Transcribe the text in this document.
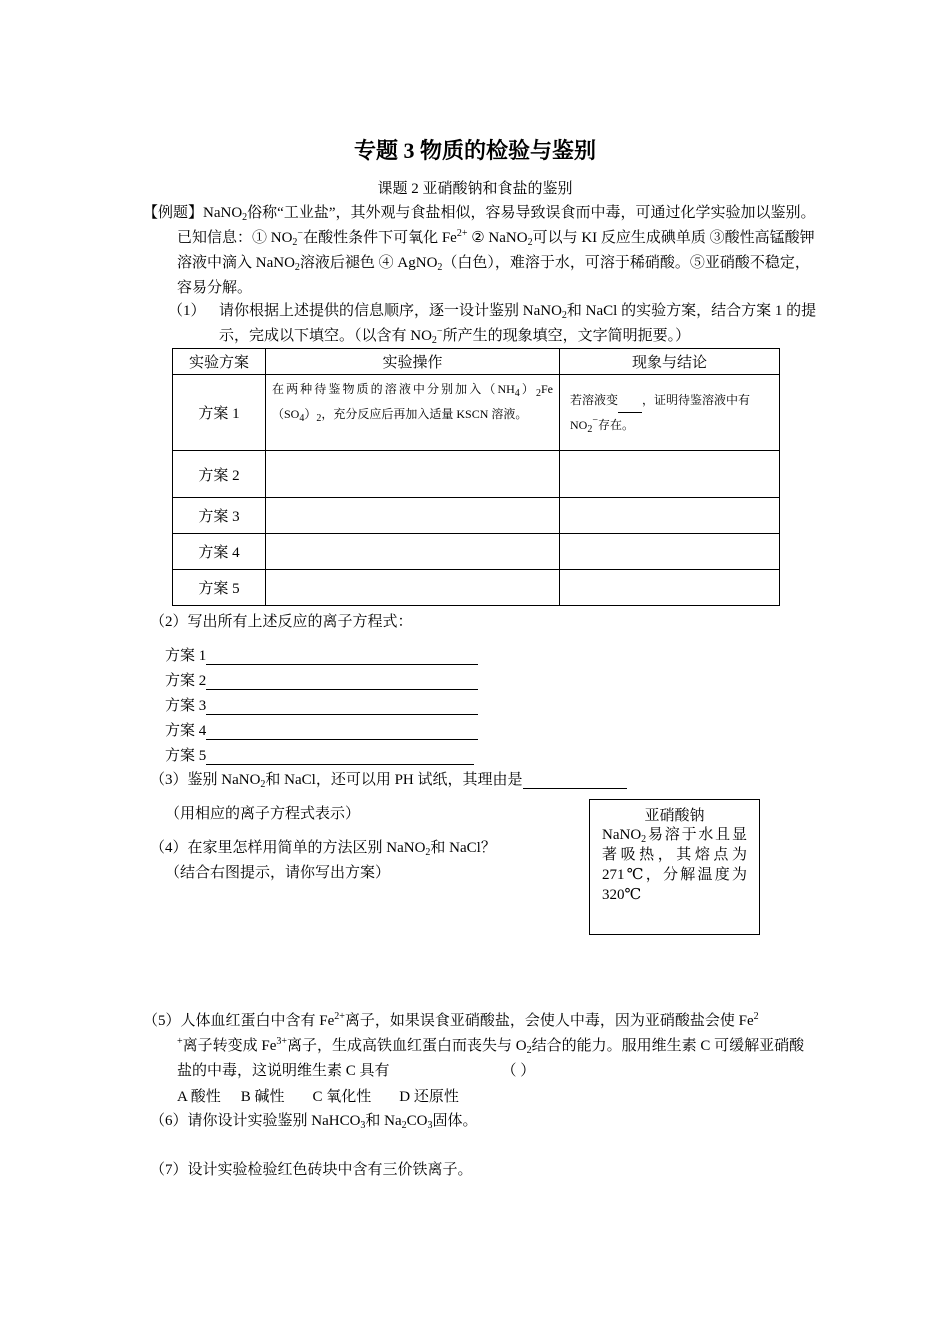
专题 3 物质的检验与鉴别
课题 2 亚硝酸钠和食盐的鉴别
【例题】NaNO$_2$俗称“工业盐”，其外观与食盐相似，容易导致误食而中毒，可通过化学实验加以鉴别。已知信息：① $NO_2^-$在酸性条件下可氧化 $Fe^{2+}$ ② NaNO$_2$可以与 KI 反应生成碘单质 ③酸性高锰酸钾溶液中滴入 NaNO$_2$溶液后褪色 ④ AgNO$_2$（白色），难溶于水，可溶于稀硝酸。⑤亚硝酸不稳定，容易分解。
（1） 请你根据上述提供的信息顺序，逐一设计鉴别 NaNO$_2$和 NaCl 的实验方案，结合方案 1 的提示，完成以下填空。（以含有 $NO_2^-$所产生的现象填空，文字简明扼要。）
实验方案	实验操作	现象与结论
方案 1	在两种待鉴物质的溶液中分别加入$(NH_4)_2Fe(SO_4)_2$，充分反应后再加入适量 KSCN 溶液。	若溶液变 ，证明待鉴溶液中有 $NO_2^-$存在。
方案 2		
方案 3		
方案 4		
方案 5		
（2）写出所有上述反应的离子方程式：
方案 1
方案 2
方案 3
方案 4
方案 5
（3）鉴别 NaNO$_2$和 NaCl，还可以用 PH 试纸，其理由是
（用相应的离子方程式表示）
（4）在家里怎样用简单的方法区别 NaNO$_2$和 NaCl？
（结合右图提示，请你写出方案）
亚硝酸钠
NaNO$_2$易溶于水且显著吸热，其熔点为 271℃，分解温度为 320℃
（5）人体血红蛋白中含有 $Fe^{2+}$离子，如果误食亚硝酸盐，会使人中毒，因为亚硝酸盐会使 Fe$^2$
+离子转变成 $Fe^{3+}$离子，生成高铁血红蛋白而丧失与 $O_2$结合的能力。服用维生素 C 可缓解亚硝酸盐的中毒，这说明维生素 C 具有	（ ）
A 酸性 B 碱性 C 氧化性 D 还原性
（6）请你设计实验鉴别 NaHCO$_3$和 $Na_2CO_3$固体。
（7）设计实验检验红色砖块中含有三价铁离子。
